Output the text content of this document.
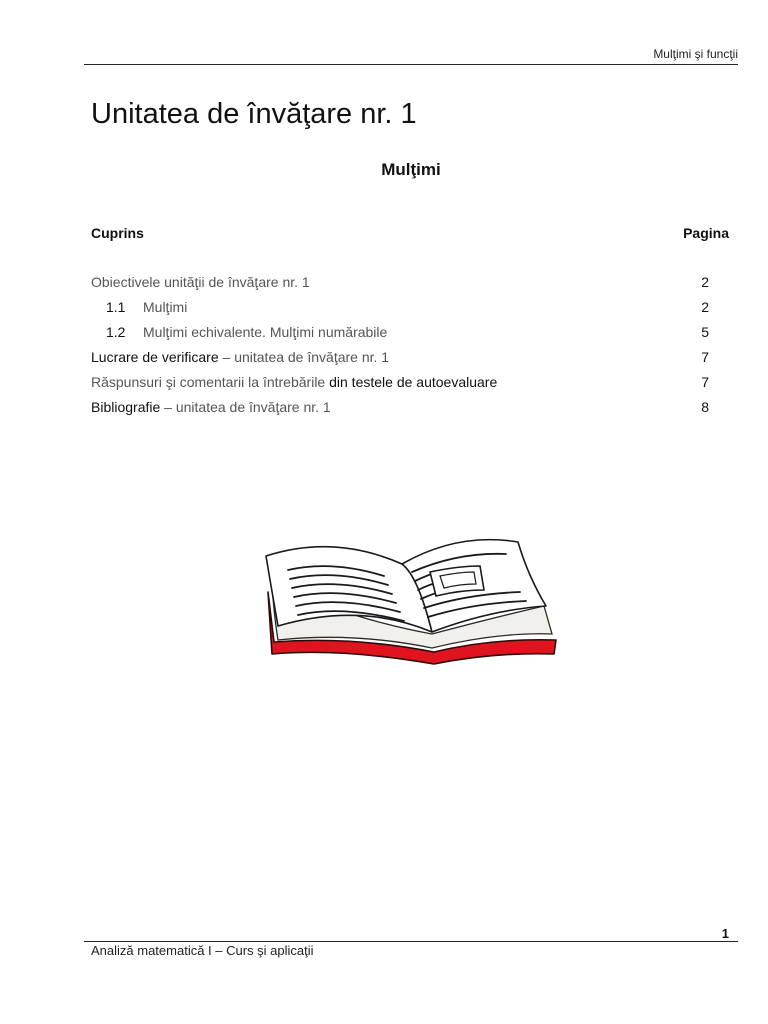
Mulţimi şi funcţii
Unitatea de învăţare nr. 1
Mulţimi
Cuprins	Pagina
Obiectivele unităţii de învăţare nr. 1	2
1.1 Mulţimi	2
1.2 Mulţimi echivalente. Mulţimi numărabile	5
Lucrare de verificare – unitatea de învăţare nr. 1	7
Răspunsuri şi comentarii la întrebările din testele de autoevaluare	7
Bibliografie – unitatea de învăţare nr. 1	8
1
Analiză matematică I – Curs şi aplicaţii
